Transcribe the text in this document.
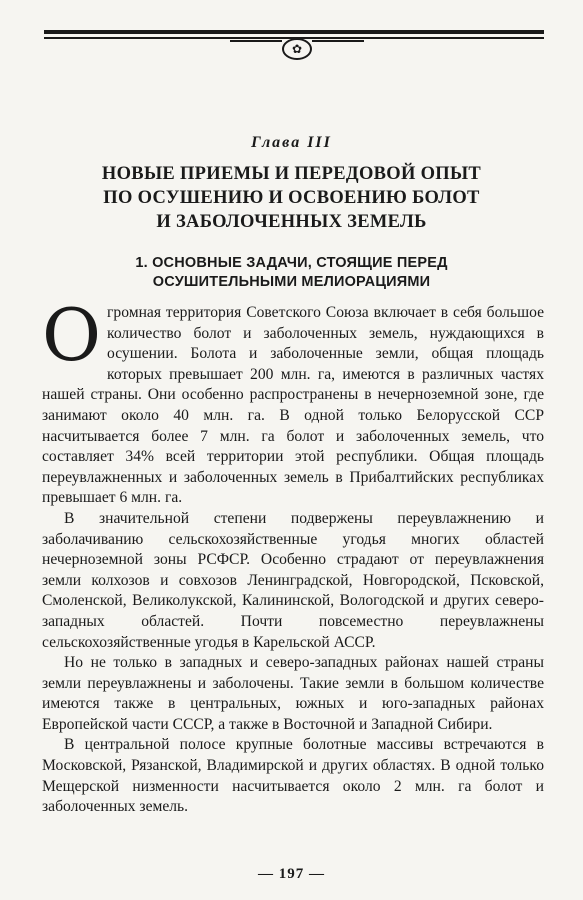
✿
Глава III
НОВЫЕ ПРИЕМЫ И ПЕРЕДОВОЙ ОПЫТ
ПО ОСУШЕНИЮ И ОСВОЕНИЮ БОЛОТ
И ЗАБОЛОЧЕННЫХ ЗЕМЕЛЬ
1. ОСНОВНЫЕ ЗАДАЧИ, СТОЯЩИЕ ПЕРЕД
ОСУШИТЕЛЬНЫМИ МЕЛИОРАЦИЯМИ

Огромная территория Советского Союза включает в себя большое количество болот и заболоченных земель, нуждающихся в осушении. Болота и заболоченные земли, общая площадь которых превышает 200 млн. га, имеются в различных частях нашей страны. Они особенно распространены в нечерноземной зоне, где занимают около 40 млн. га. В одной только Белорусской ССР насчитывается более 7 млн. га болот и заболоченных земель, что составляет 34% всей территории этой республики. Общая площадь переувлажненных и заболоченных земель в Прибалтийских республиках превышает 6 млн. га.

В значительной степени подвержены переувлажнению и заболачиванию сельскохозяйственные угодья многих областей нечерноземной зоны РСФСР. Особенно страдают от переувлажнения земли колхозов и совхозов Ленинградской, Новгородской, Псковской, Смоленской, Великолукской, Калининской, Вологодской и других северо-западных областей. Почти повсеместно переувлажнены сельскохозяйственные угодья в Карельской АССР.

Но не только в западных и северо-западных районах нашей страны земли переувлажнены и заболочены. Такие земли в большом количестве имеются также в центральных, южных и юго-западных районах Европейской части СССР, а также в Восточной и Западной Сибири.

В центральной полосе крупные болотные массивы встречаются в Московской, Рязанской, Владимирской и других областях. В одной только Мещерской низменности насчитывается около 2 млн. га болот и заболоченных земель.

— 197 —
